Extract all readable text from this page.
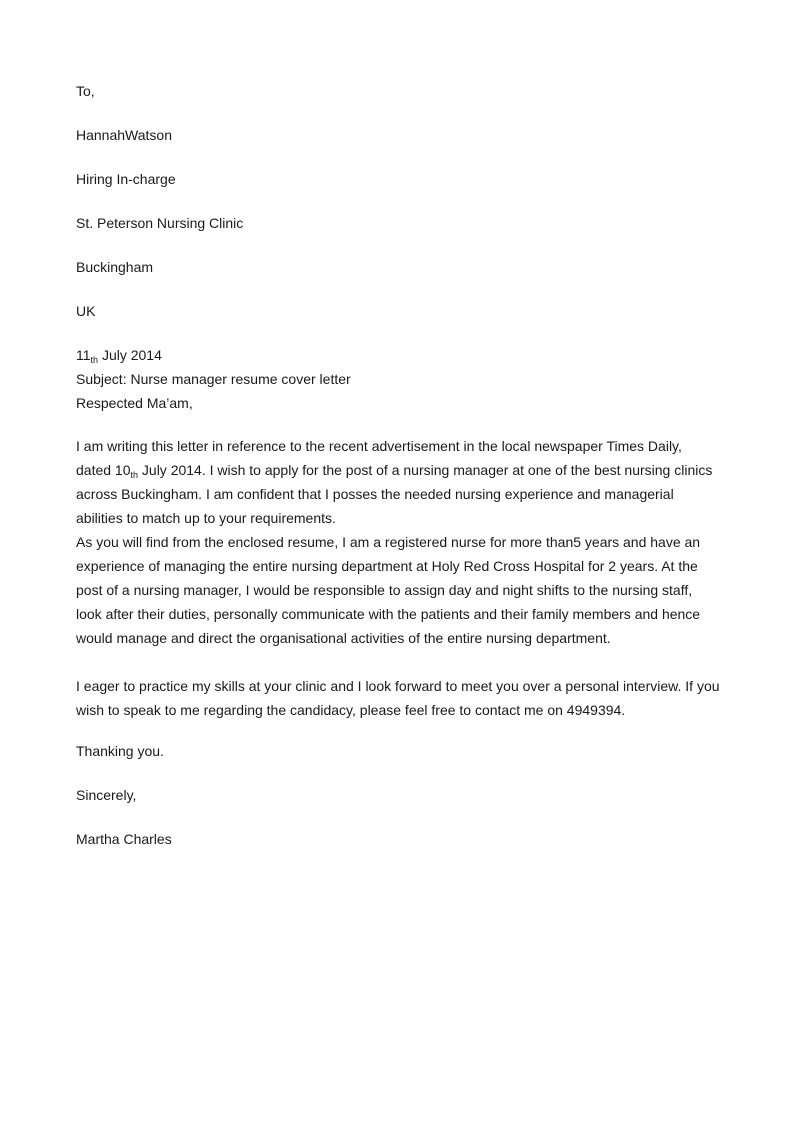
To,
HannahWatson
Hiring In-charge
St. Peterson Nursing Clinic
Buckingham
UK
$11_{th}$ July 2014
Subject: Nurse manager resume cover letter
Respected Ma’am,
I am writing this letter in reference to the recent advertisement in the local newspaper Times Daily,
dated $10_{th}$ July 2014. I wish to apply for the post of a nursing manager at one of the best nursing clinics
across Buckingham. I am confident that I posses the needed nursing experience and managerial
abilities to match up to your requirements.
As you will find from the enclosed resume, I am a registered nurse for more than5 years and have an
experience of managing the entire nursing department at Holy Red Cross Hospital for 2 years. At the
post of a nursing manager, I would be responsible to assign day and night shifts to the nursing staff,
look after their duties, personally communicate with the patients and their family members and hence
would manage and direct the organisational activities of the entire nursing department.
I eager to practice my skills at your clinic and I look forward to meet you over a personal interview. If you
wish to speak to me regarding the candidacy, please feel free to contact me on 4949394.
Thanking you.
Sincerely,
Martha Charles
